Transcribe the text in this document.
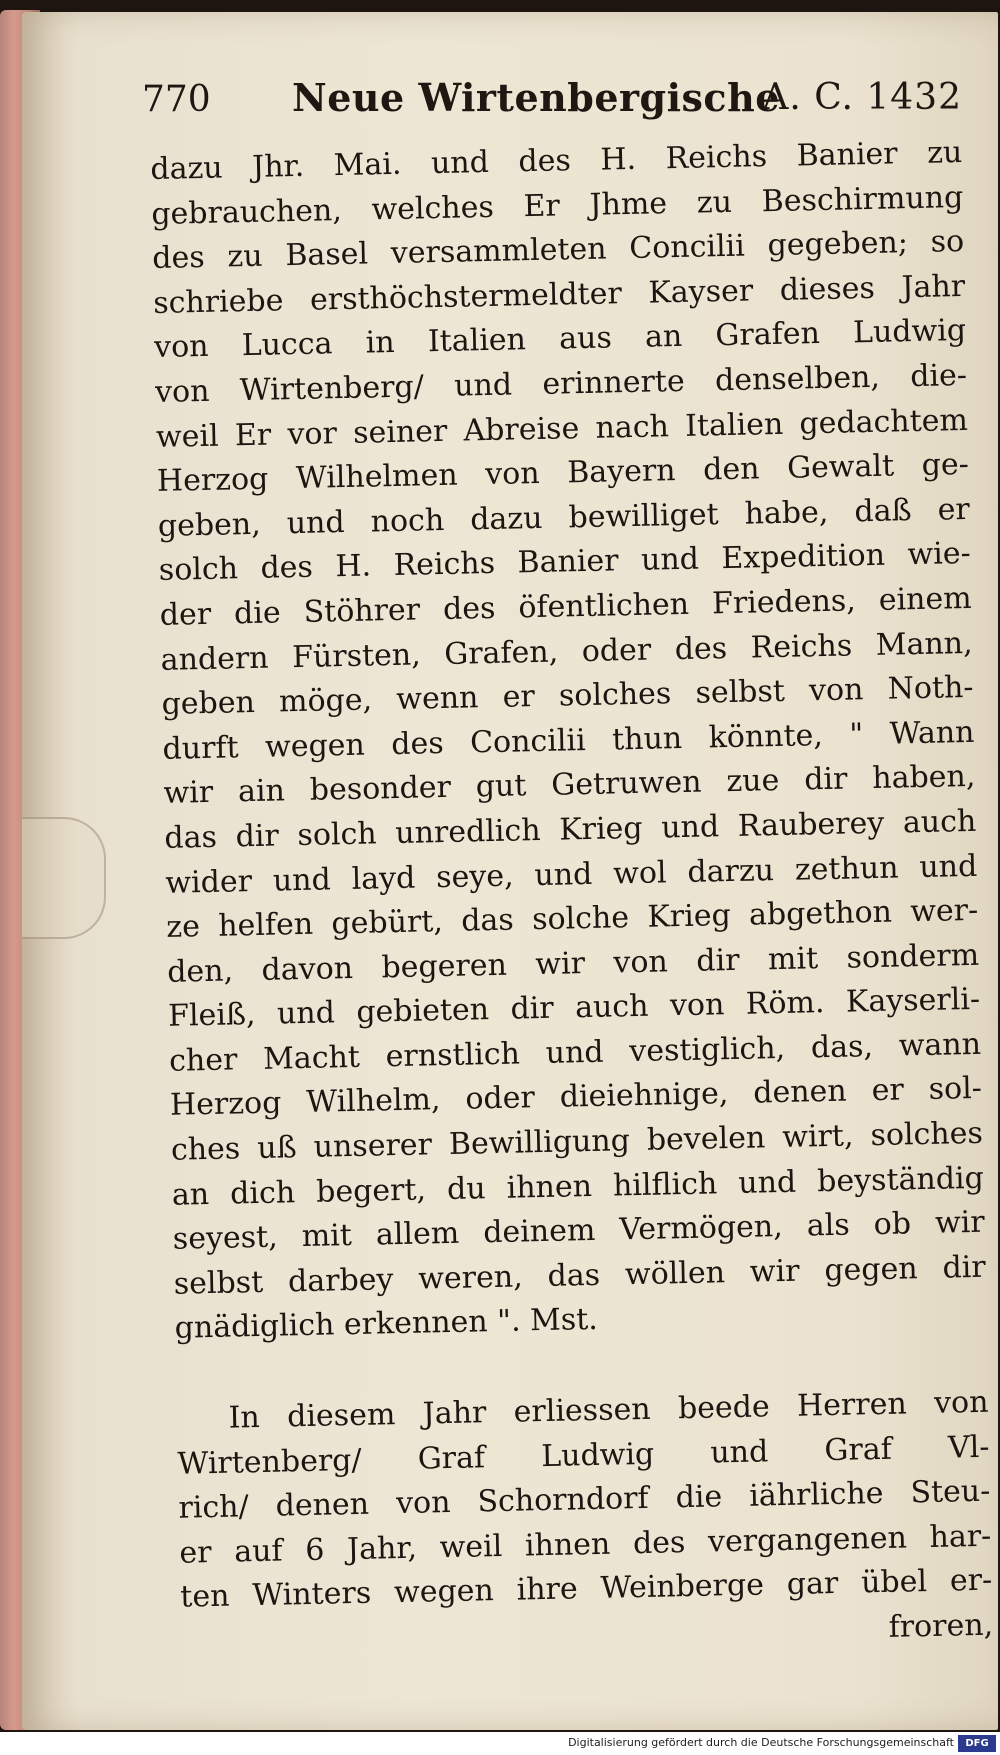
770 Neue Wirtenbergische
A. C. 1432
dazu Jhr. Mai. und des H. Reichs Banier zu
gebrauchen, welches Er Jhme zu Beschirmung
des zu Basel versammleten Concilii gegeben; so
schriebe ersthöchstermeldter Kayser dieses Jahr
von Lucca in Italien aus an Grafen Ludwig
von Wirtenberg/ und erinnerte denselben, die-
weil Er vor seiner Abreise nach Italien gedachtem
Herzog Wilhelmen von Bayern den Gewalt ge-
geben, und noch dazu bewilliget habe, daß er
solch des H. Reichs Banier und Expedition wie-
der die Stöhrer des öfentlichen Friedens, einem
andern Fürsten, Grafen, oder des Reichs Mann,
geben möge, wenn er solches selbst von Noth-
durft wegen des Concilii thun könnte, " Wann
wir ain besonder gut Getruwen zue dir haben,
das dir solch unredlich Krieg und Rauberey auch
wider und layd seye, und wol darzu zethun und
ze helfen gebürt, das solche Krieg abgethon wer-
den, davon begeren wir von dir mit sonderm
Fleiß, und gebieten dir auch von Röm. Kayserli-
cher Macht ernstlich und vestiglich, das, wann
Herzog Wilhelm, oder dieiehnige, denen er sol-
ches uß unserer Bewilligung bevelen wirt, solches
an dich begert, du ihnen hilflich und beyständig
seyest, mit allem deinem Vermögen, als ob wir
selbst darbey weren, das wöllen wir gegen dir
gnädiglich erkennen ". Mst.
In diesem Jahr erliessen beede Herren von
Wirtenberg/ Graf Ludwig und Graf Vl-
rich/ denen von Schorndorf die iährliche Steu-
er auf 6 Jahr, weil ihnen des vergangenen har-
ten Winters wegen ihre Weinberge gar übel er-
froren,
Digitalisierung gefördert durch die Deutsche Forschungsgemeinschaft	DFG
